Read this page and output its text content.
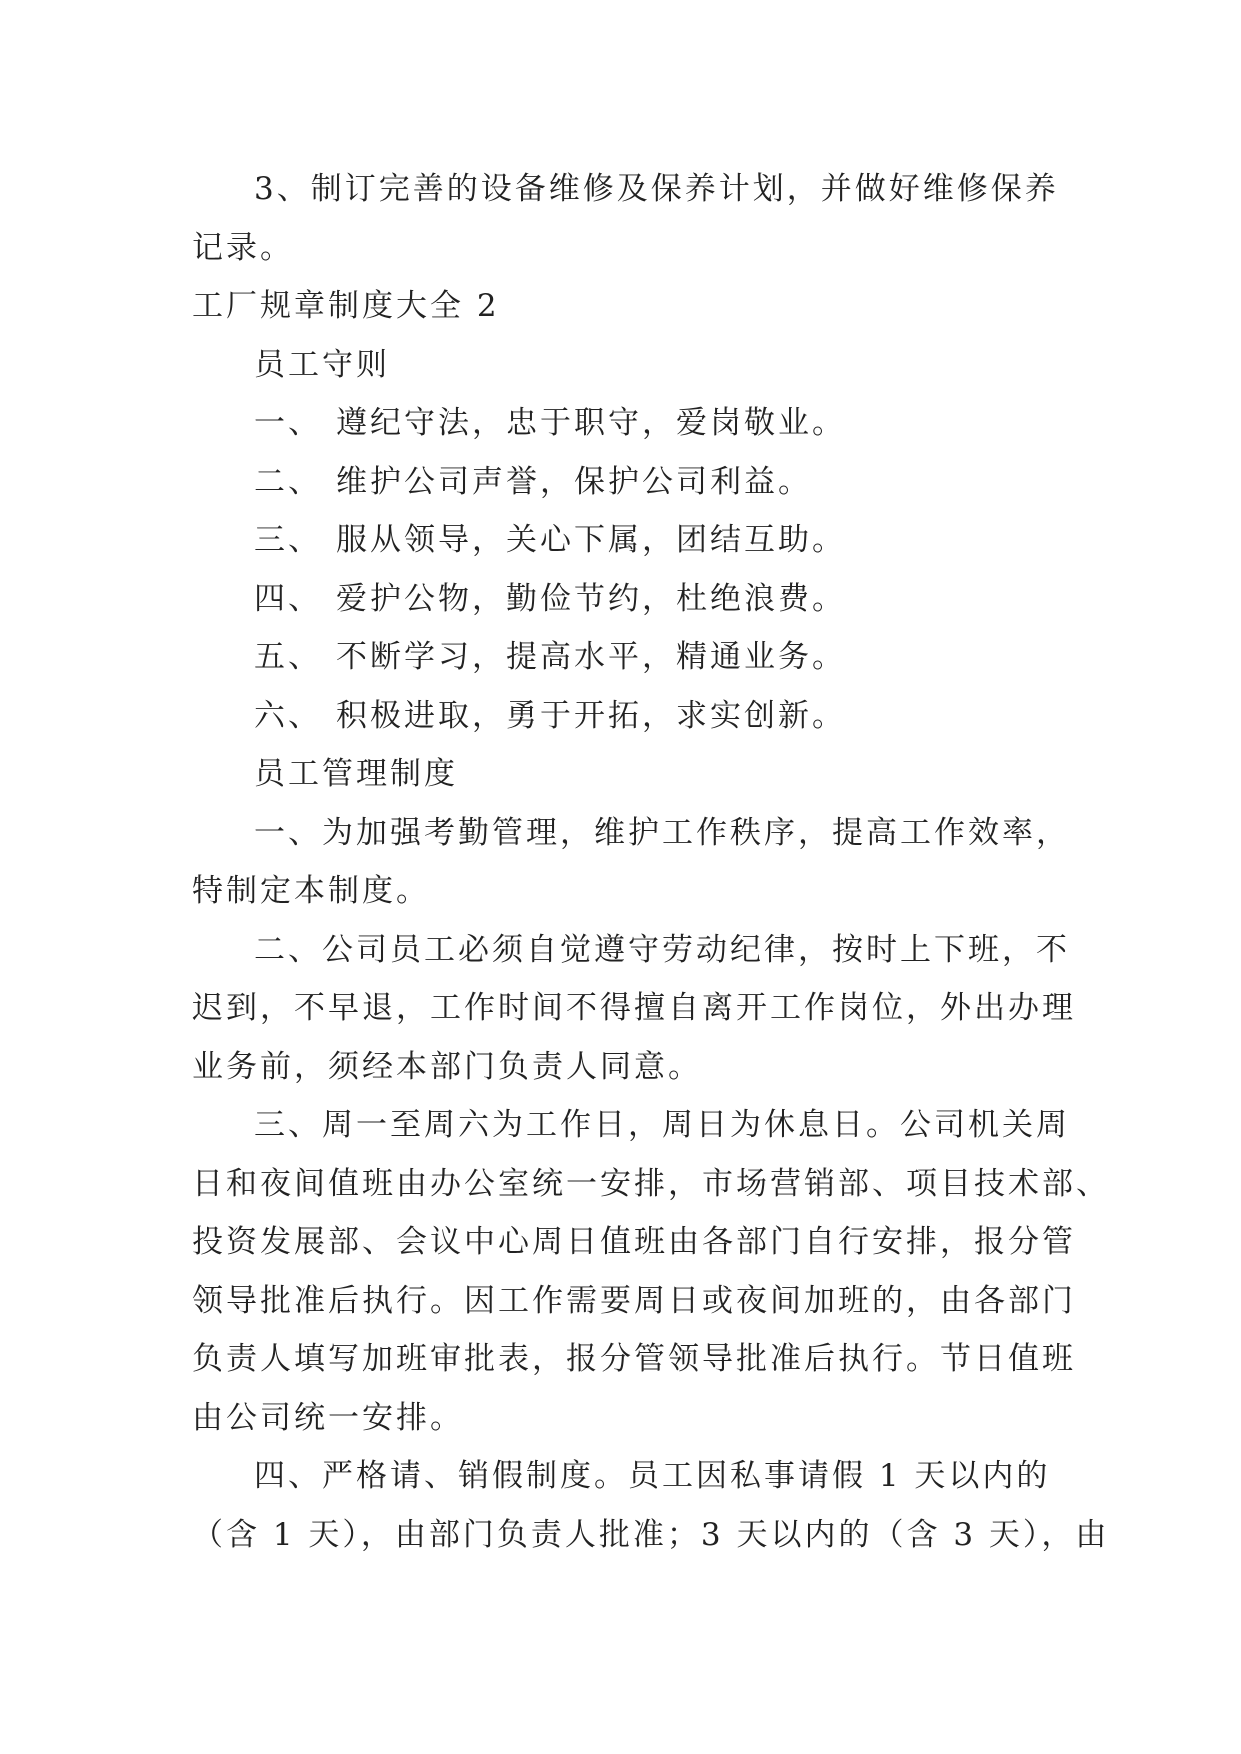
3、制订完善的设备维修及保养计划，并做好维修保养
记录。
工厂规章制度大全 2
员工守则
一、 遵纪守法，忠于职守，爱岗敬业。
二、 维护公司声誉，保护公司利益。
三、 服从领导，关心下属，团结互助。
四、 爱护公物，勤俭节约，杜绝浪费。
五、 不断学习，提高水平，精通业务。
六、 积极进取，勇于开拓，求实创新。
员工管理制度
一、为加强考勤管理，维护工作秩序，提高工作效率，
特制定本制度。
二、公司员工必须自觉遵守劳动纪律，按时上下班，不
迟到，不早退，工作时间不得擅自离开工作岗位，外出办理
业务前，须经本部门负责人同意。
三、周一至周六为工作日，周日为休息日。公司机关周
日和夜间值班由办公室统一安排，市场营销部、项目技术部、
投资发展部、会议中心周日值班由各部门自行安排，报分管
领导批准后执行。因工作需要周日或夜间加班的，由各部门
负责人填写加班审批表，报分管领导批准后执行。节日值班
由公司统一安排。
四、严格请、销假制度。员工因私事请假 1 天以内的
（含 1 天），由部门负责人批准；3 天以内的（含 3 天），由
